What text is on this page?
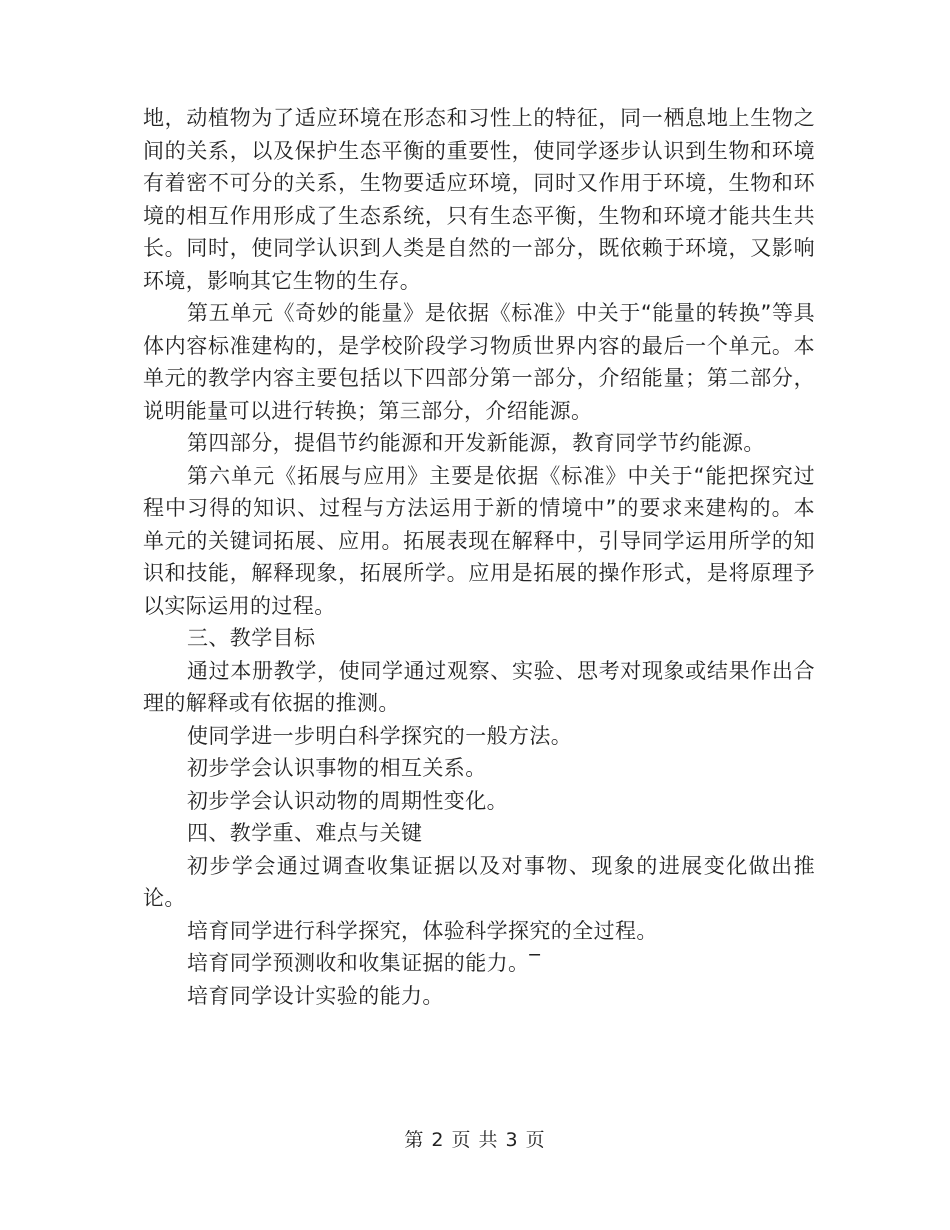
地，动植物为了适应环境在形态和习性上的特征，同一栖息地上生物之间的关系，以及保护生态平衡的重要性，使同学逐步认识到生物和环境有着密不可分的关系，生物要适应环境，同时又作用于环境，生物和环境的相互作用形成了生态系统，只有生态平衡，生物和环境才能共生共长。同时，使同学认识到人类是自然的一部分，既依赖于环境，又影响环境，影响其它生物的生存。

第五单元《奇妙的能量》是依据《标准》中关于“能量的转换”等具体内容标准建构的，是学校阶段学习物质世界内容的最后一个单元。本单元的教学内容主要包括以下四部分第一部分，介绍能量；第二部分，说明能量可以进行转换；第三部分，介绍能源。

第四部分，提倡节约能源和开发新能源，教育同学节约能源。

第六单元《拓展与应用》主要是依据《标准》中关于“能把探究过程中习得的知识、过程与方法运用于新的情境中”的要求来建构的。本单元的关键词拓展、应用。拓展表现在解释中，引导同学运用所学的知识和技能，解释现象，拓展所学。应用是拓展的操作形式，是将原理予以实际运用的过程。

三、教学目标

通过本册教学，使同学通过观察、实验、思考对现象或结果作出合理的解释或有依据的推测。

使同学进一步明白科学探究的一般方法。

初步学会认识事物的相互关系。

初步学会认识动物的周期性变化。

四、教学重、难点与关键

初步学会通过调查收集证据以及对事物、现象的进展变化做出推论。

培育同学进行科学探究，体验科学探究的全过程。

培育同学预测收和收集证据的能力。‾

培育同学设计实验的能力。

第 2 页 共 3 页
